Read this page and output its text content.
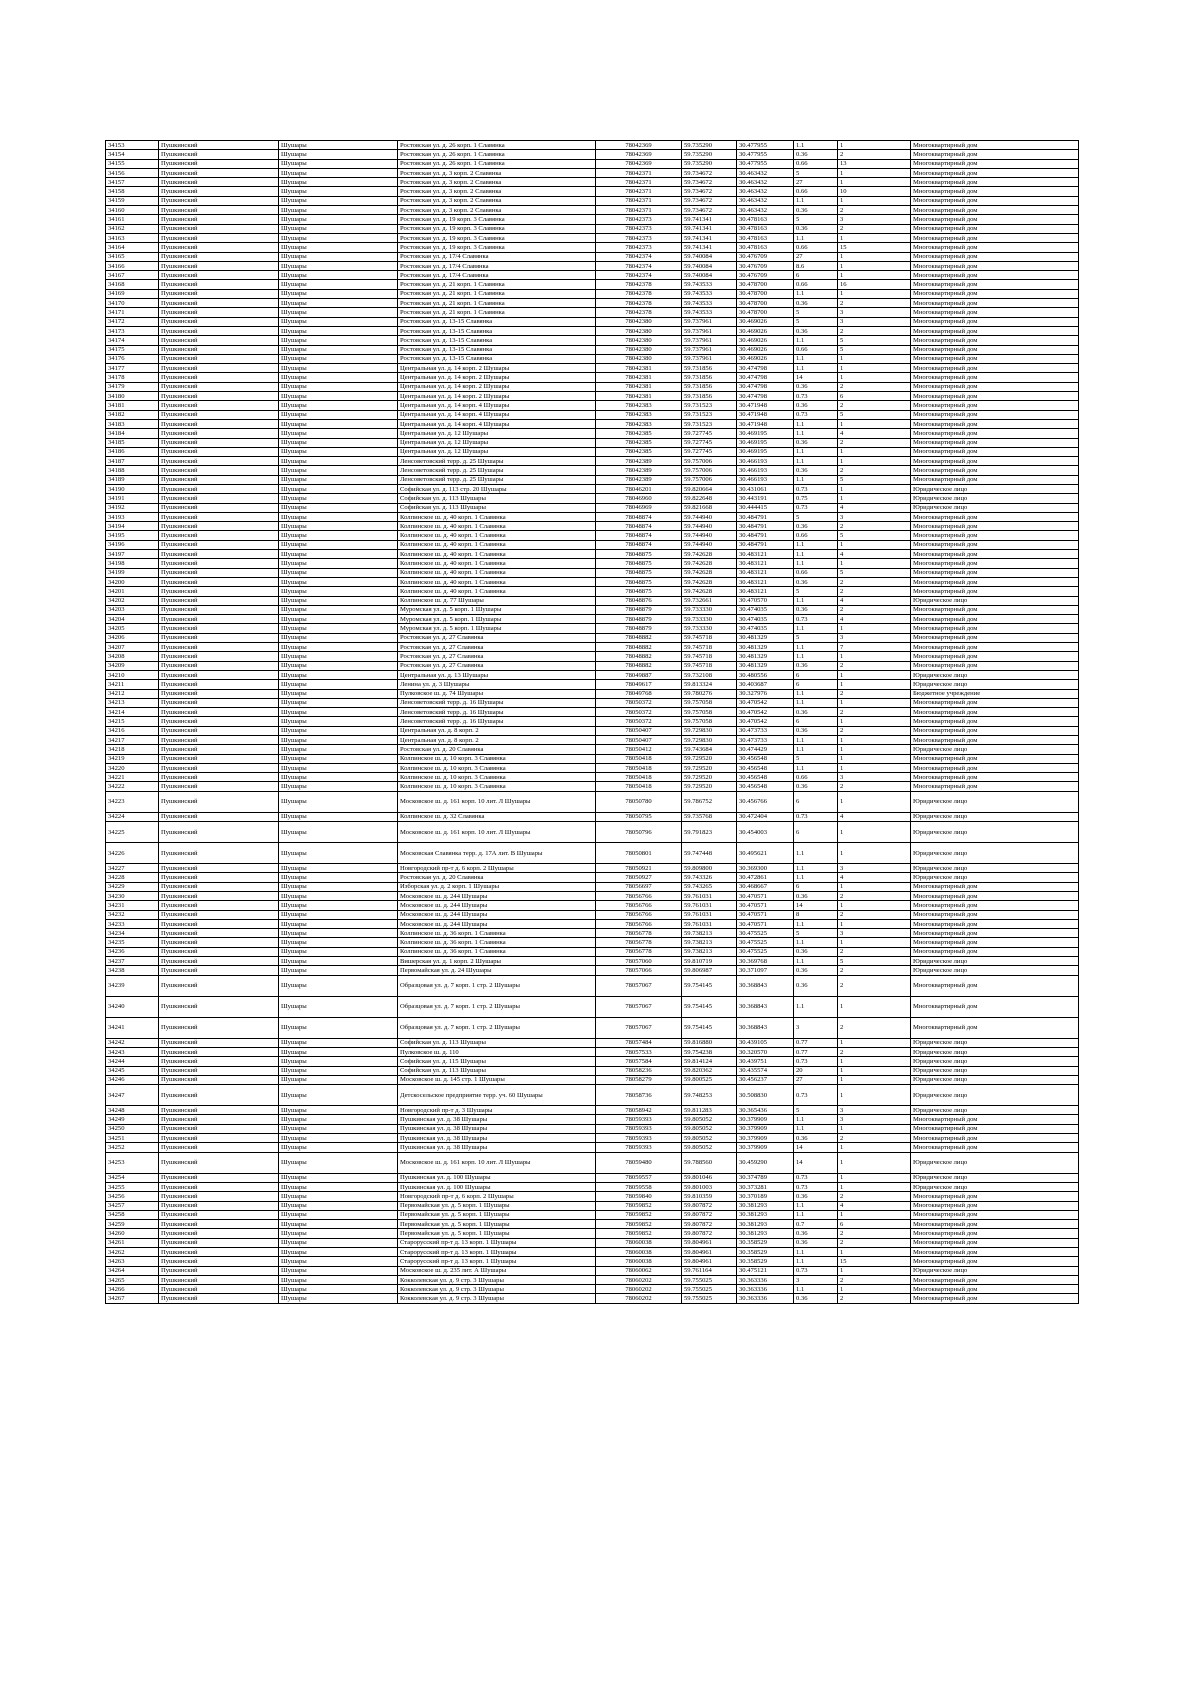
34153	Пушкинский	Шушары	Ростовская ул. д. 26 корп. 1 Славянка	78042369	59.735290	30.477955	1.1	1	Многоквартирный дом
34154	Пушкинский	Шушары	Ростовская ул. д. 26 корп. 1 Славянка	78042369	59.735290	30.477955	0.36	2	Многоквартирный дом
34155	Пушкинский	Шушары	Ростовская ул. д. 26 корп. 1 Славянка	78042369	59.735290	30.477955	0.66	13	Многоквартирный дом
34156	Пушкинский	Шушары	Ростовская ул. д. 3 корп. 2 Славянка	78042371	59.734672	30.463432	5	1	Многоквартирный дом
34157	Пушкинский	Шушары	Ростовская ул. д. 3 корп. 2 Славянка	78042371	59.734672	30.463432	27	1	Многоквартирный дом
34158	Пушкинский	Шушары	Ростовская ул. д. 3 корп. 2 Славянка	78042371	59.734672	30.463432	0.66	10	Многоквартирный дом
34159	Пушкинский	Шушары	Ростовская ул. д. 3 корп. 2 Славянка	78042371	59.734672	30.463432	1.1	1	Многоквартирный дом
34160	Пушкинский	Шушары	Ростовская ул. д. 3 корп. 2 Славянка	78042371	59.734672	30.463432	0.36	2	Многоквартирный дом
34161	Пушкинский	Шушары	Ростовская ул. д. 19 корп. 3 Славянка	78042373	59.741341	30.478163	5	3	Многоквартирный дом
34162	Пушкинский	Шушары	Ростовская ул. д. 19 корп. 3 Славянка	78042373	59.741341	30.478163	0.36	2	Многоквартирный дом
34163	Пушкинский	Шушары	Ростовская ул. д. 19 корп. 3 Славянка	78042373	59.741341	30.478163	1.1	1	Многоквартирный дом
34164	Пушкинский	Шушары	Ростовская ул. д. 19 корп. 3 Славянка	78042373	59.741341	30.478163	0.66	15	Многоквартирный дом
34165	Пушкинский	Шушары	Ростовская ул. д. 17/4 Славянка	78042374	59.740084	30.476709	27	1	Многоквартирный дом
34166	Пушкинский	Шушары	Ростовская ул. д. 17/4 Славянка	78042374	59.740084	30.476709	8.6	1	Многоквартирный дом
34167	Пушкинский	Шушары	Ростовская ул. д. 17/4 Славянка	78042374	59.740084	30.476709	6	1	Многоквартирный дом
34168	Пушкинский	Шушары	Ростовская ул. д. 21 корп. 1 Славянка	78042378	59.743533	30.478700	0.66	16	Многоквартирный дом
34169	Пушкинский	Шушары	Ростовская ул. д. 21 корп. 1 Славянка	78042378	59.743533	30.478700	1.1	1	Многоквартирный дом
34170	Пушкинский	Шушары	Ростовская ул. д. 21 корп. 1 Славянка	78042378	59.743533	30.478700	0.36	2	Многоквартирный дом
34171	Пушкинский	Шушары	Ростовская ул. д. 21 корп. 1 Славянка	78042378	59.743533	30.478700	5	3	Многоквартирный дом
34172	Пушкинский	Шушары	Ростовская ул. д. 13-15 Славянка	78042380	59.737961	30.469026	5	3	Многоквартирный дом
34173	Пушкинский	Шушары	Ростовская ул. д. 13-15 Славянка	78042380	59.737961	30.469026	0.36	2	Многоквартирный дом
34174	Пушкинский	Шушары	Ростовская ул. д. 13-15 Славянка	78042380	59.737961	30.469026	1.1	5	Многоквартирный дом
34175	Пушкинский	Шушары	Ростовская ул. д. 13-15 Славянка	78042380	59.737961	30.469026	0.66	5	Многоквартирный дом
34176	Пушкинский	Шушары	Ростовская ул. д. 13-15 Славянка	78042380	59.737961	30.469026	1.1	1	Многоквартирный дом
34177	Пушкинский	Шушары	Центральная ул. д. 14 корп. 2 Шушары	78042381	59.731856	30.474798	1.1	1	Многоквартирный дом
34178	Пушкинский	Шушары	Центральная ул. д. 14 корп. 2 Шушары	78042381	59.731856	30.474798	14	1	Многоквартирный дом
34179	Пушкинский	Шушары	Центральная ул. д. 14 корп. 2 Шушары	78042381	59.731856	30.474798	0.36	2	Многоквартирный дом
34180	Пушкинский	Шушары	Центральная ул. д. 14 корп. 2 Шушары	78042381	59.731856	30.474798	0.73	6	Многоквартирный дом
34181	Пушкинский	Шушары	Центральная ул. д. 14 корп. 4 Шушары	78042383	59.731523	30.471948	0.36	2	Многоквартирный дом
34182	Пушкинский	Шушары	Центральная ул. д. 14 корп. 4 Шушары	78042383	59.731523	30.471948	0.73	5	Многоквартирный дом
34183	Пушкинский	Шушары	Центральная ул. д. 14 корп. 4 Шушары	78042383	59.731523	30.471948	1.1	1	Многоквартирный дом
34184	Пушкинский	Шушары	Центральная ул. д. 12 Шушары	78042385	59.727745	30.469195	1.1	4	Многоквартирный дом
34185	Пушкинский	Шушары	Центральная ул. д. 12 Шушары	78042385	59.727745	30.469195	0.36	2	Многоквартирный дом
34186	Пушкинский	Шушары	Центральная ул. д. 12 Шушары	78042385	59.727745	30.469195	1.1	1	Многоквартирный дом
34187	Пушкинский	Шушары	Ленсоветовский терр. д. 25 Шушары	78042389	59.757006	30.466193	1.1	1	Многоквартирный дом
34188	Пушкинский	Шушары	Ленсоветовский терр. д. 25 Шушары	78042389	59.757006	30.466193	0.36	2	Многоквартирный дом
34189	Пушкинский	Шушары	Ленсоветовский терр. д. 25 Шушары	78042389	59.757006	30.466193	1.1	5	Многоквартирный дом
34190	Пушкинский	Шушары	Софийская ул. д. 113 стр. 20 Шушары	78046201	59.820664	30.431061	0.73	1	Юридическое лицо
34191	Пушкинский	Шушары	Софийская ул. д. 113 Шушары	78046960	59.822648	30.443191	0.75	1	Юридическое лицо
34192	Пушкинский	Шушары	Софийская ул. д. 113 Шушары	78046969	59.821668	30.444415	0.73	4	Юридическое лицо
34193	Пушкинский	Шушары	Колпинское ш. д. 40 корп. 1 Славянка	78048874	59.744940	30.484791	5	3	Многоквартирный дом
34194	Пушкинский	Шушары	Колпинское ш. д. 40 корп. 1 Славянка	78048874	59.744940	30.484791	0.36	2	Многоквартирный дом
34195	Пушкинский	Шушары	Колпинское ш. д. 40 корп. 1 Славянка	78048874	59.744940	30.484791	0.66	5	Многоквартирный дом
34196	Пушкинский	Шушары	Колпинское ш. д. 40 корп. 1 Славянка	78048874	59.744940	30.484791	1.1	1	Многоквартирный дом
34197	Пушкинский	Шушары	Колпинское ш. д. 40 корп. 1 Славянка	78048875	59.742628	30.483121	1.1	4	Многоквартирный дом
34198	Пушкинский	Шушары	Колпинское ш. д. 40 корп. 1 Славянка	78048875	59.742628	30.483121	1.1	1	Многоквартирный дом
34199	Пушкинский	Шушары	Колпинское ш. д. 40 корп. 1 Славянка	78048875	59.742628	30.483121	0.66	5	Многоквартирный дом
34200	Пушкинский	Шушары	Колпинское ш. д. 40 корп. 1 Славянка	78048875	59.742628	30.483121	0.36	2	Многоквартирный дом
34201	Пушкинский	Шушары	Колпинское ш. д. 40 корп. 1 Славянка	78048875	59.742628	30.483121	5	2	Многоквартирный дом
34202	Пушкинский	Шушары	Колпинское ш. д. 77 Шушары	78048876	59.732661	30.470570	1.1	4	Юридическое лицо
34203	Пушкинский	Шушары	Муромская ул. д. 5 корп. 1 Шушары	78048879	59.733330	30.474035	0.36	2	Многоквартирный дом
34204	Пушкинский	Шушары	Муромская ул. д. 5 корп. 1 Шушары	78048879	59.733330	30.474035	0.73	4	Многоквартирный дом
34205	Пушкинский	Шушары	Муромская ул. д. 5 корп. 1 Шушары	78048879	59.733330	30.474035	1.1	1	Многоквартирный дом
34206	Пушкинский	Шушары	Ростовская ул. д. 27 Славянка	78048882	59.745718	30.481329	5	3	Многоквартирный дом
34207	Пушкинский	Шушары	Ростовская ул. д. 27 Славянка	78048882	59.745718	30.481329	1.1	7	Многоквартирный дом
34208	Пушкинский	Шушары	Ростовская ул. д. 27 Славянка	78048882	59.745718	30.481329	1.1	1	Многоквартирный дом
34209	Пушкинский	Шушары	Ростовская ул. д. 27 Славянка	78048882	59.745718	30.481329	0.36	2	Многоквартирный дом
34210	Пушкинский	Шушары	Центральная ул. д. 13 Шушары	78049887	59.732108	30.480556	6	1	Юридическое лицо
34211	Пушкинский	Шушары	Ленина ул. д. 3 Шушары	78049617	59.813324	30.403687	6	1	Юридическое лицо
34212	Пушкинский	Шушары	Пулковское ш. д. 74 Шушары	78049768	59.780276	30.327976	1.1	2	Бюджетное учреждение
34213	Пушкинский	Шушары	Ленсоветовский терр. д. 16 Шушары	78050372	59.757058	30.470542	1.1	1	Многоквартирный дом
34214	Пушкинский	Шушары	Ленсоветовский терр. д. 16 Шушары	78050372	59.757058	30.470542	0.36	2	Многоквартирный дом
34215	Пушкинский	Шушары	Ленсоветовский терр. д. 16 Шушары	78050372	59.757058	30.470542	6	1	Многоквартирный дом
34216	Пушкинский	Шушары	Центральная ул. д. 8 корп. 2	78050407	59.729830	30.473733	0.36	2	Многоквартирный дом
34217	Пушкинский	Шушары	Центральная ул. д. 8 корп. 2	78050407	59.729830	30.473733	1.1	1	Многоквартирный дом
34218	Пушкинский	Шушары	Ростовская ул. д. 20 Славянка	78050412	59.743684	30.474429	1.1	1	Юридическое лицо
34219	Пушкинский	Шушары	Колпинское ш. д. 10 корп. 3 Славянка	78050418	59.729520	30.456548	5	1	Многоквартирный дом
34220	Пушкинский	Шушары	Колпинское ш. д. 10 корп. 3 Славянка	78050418	59.729520	30.456548	1.1	1	Многоквартирный дом
34221	Пушкинский	Шушары	Колпинское ш. д. 10 корп. 3 Славянка	78050418	59.729520	30.456548	0.66	3	Многоквартирный дом
34222	Пушкинский	Шушары	Колпинское ш. д. 10 корп. 3 Славянка	78050418	59.729520	30.456548	0.36	2	Многоквартирный дом
34223	Пушкинский	Шушары	Московское ш. д. 161 корп. 10 лит. Л Шушары	78050780	59.786752	30.456766	6	1	Юридическое лицо
34224	Пушкинский	Шушары	Колпинское ш. д. 32 Славянка	78050795	59.735768	30.472404	0.73	4	Юридическое лицо
34225	Пушкинский	Шушары	Московское ш. д. 161 корп. 10 лит. Л Шушары	78050796	59.791823	30.454003	6	1	Юридическое лицо
34226	Пушкинский	Шушары	Московская Славянка терр. д. 17А лит. В Шушары	78050801	59.747448	30.495621	1.1	1	Юридическое лицо
34227	Пушкинский	Шушары	Новгородский пр-т д. 6 корп. 2 Шушары	78050921	59.809800	30.369300	1.1	3	Юридическое лицо
34228	Пушкинский	Шушары	Ростовская ул. д. 20 Славянка	78050927	59.743326	30.472861	1.1	4	Юридическое лицо
34229	Пушкинский	Шушары	Изборская ул. д. 2 корп. 1 Шушары	78056697	59.743265	30.468667	6	1	Многоквартирный дом
34230	Пушкинский	Шушары	Московское ш. д. 244 Шушары	78056766	59.761031	30.470571	0.36	2	Многоквартирный дом
34231	Пушкинский	Шушары	Московское ш. д. 244 Шушары	78056766	59.761031	30.470571	14	1	Многоквартирный дом
34232	Пушкинский	Шушары	Московское ш. д. 244 Шушары	78056766	59.761031	30.470571	8	2	Многоквартирный дом
34233	Пушкинский	Шушары	Московское ш. д. 244 Шушары	78056766	59.761031	30.470571	1.1	1	Многоквартирный дом
34234	Пушкинский	Шушары	Колпинское ш. д. 36 корп. 1 Славянка	78056778	59.738213	30.475525	5	3	Многоквартирный дом
34235	Пушкинский	Шушары	Колпинское ш. д. 36 корп. 1 Славянка	78056778	59.738213	30.475525	1.1	1	Многоквартирный дом
34236	Пушкинский	Шушары	Колпинское ш. д. 36 корп. 1 Славянка	78056778	59.738213	30.475525	0.36	2	Многоквартирный дом
34237	Пушкинский	Шушары	Вишерская ул. д. 1 корп. 2 Шушары	78057060	59.810719	30.369768	1.1	5	Юридическое лицо
34238	Пушкинский	Шушары	Первомайская ул. д. 24 Шушары	78057066	59.806987	30.371097	0.36	2	Юридическое лицо
34239	Пушкинский	Шушары	Образцовая ул. д. 7 корп. 1 стр. 2 Шушары	78057067	59.754145	30.368843	0.36	2	Многоквартирный дом
34240	Пушкинский	Шушары	Образцовая ул. д. 7 корп. 1 стр. 2 Шушары	78057067	59.754145	30.368843	1.1	1	Многоквартирный дом
34241	Пушкинский	Шушары	Образцовая ул. д. 7 корп. 1 стр. 2 Шушары	78057067	59.754145	30.368843	3	2	Многоквартирный дом
34242	Пушкинский	Шушары	Софийская ул. д. 113 Шушары	78057484	59.816880	30.439105	0.77	1	Юридическое лицо
34243	Пушкинский	Шушары	Пулковское ш. д. 110	78057533	59.754238	30.320570	0.77	2	Юридическое лицо
34244	Пушкинский	Шушары	Софийская ул. д. 115 Шушары	78057584	59.814124	30.439751	0.73	1	Юридическое лицо
34245	Пушкинский	Шушары	Софийская ул. д. 113 Шушары	78058236	59.820362	30.435574	20	1	Юридическое лицо
34246	Пушкинский	Шушары	Московское ш. д. 145 стр. 1 Шушары	78058279	59.800525	30.456237	27	1	Юридическое лицо
34247	Пушкинский	Шушары	Детскосельское предприятие терр. уч. 60 Шушары	78058736	59.748253	30.508830	0.73	1	Юридическое лицо
34248	Пушкинский	Шушары	Новгородский пр-т д. 3 Шушары	78058942	59.811283	30.365436	5	3	Юридическое лицо
34249	Пушкинский	Шушары	Пушкинская ул. д. 38 Шушары	78059393	59.805052	30.379909	1.1	3	Многоквартирный дом
34250	Пушкинский	Шушары	Пушкинская ул. д. 38 Шушары	78059393	59.805052	30.379909	1.1	1	Многоквартирный дом
34251	Пушкинский	Шушары	Пушкинская ул. д. 38 Шушары	78059393	59.805052	30.379909	0.36	2	Многоквартирный дом
34252	Пушкинский	Шушары	Пушкинская ул. д. 38 Шушары	78059393	59.805052	30.379909	14	1	Многоквартирный дом
34253	Пушкинский	Шушары	Московское ш. д. 161 корп. 10 лит. Л Шушары	78059480	59.788560	30.459290	14	1	Юридическое лицо
34254	Пушкинский	Шушары	Пушкинская ул. д. 100 Шушары	78059557	59.801046	30.374789	0.73	1	Юридическое лицо
34255	Пушкинский	Шушары	Пушкинская ул. д. 100 Шушары	78059558	59.801003	30.373281	0.73	1	Юридическое лицо
34256	Пушкинский	Шушары	Новгородский пр-т д. 6 корп. 2 Шушары	78059840	59.810359	30.370189	0.36	2	Многоквартирный дом
34257	Пушкинский	Шушары	Первомайская ул. д. 5 корп. 1 Шушары	78059852	59.807872	30.381293	1.1	4	Многоквартирный дом
34258	Пушкинский	Шушары	Первомайская ул. д. 5 корп. 1 Шушары	78059852	59.807872	30.381293	1.1	1	Многоквартирный дом
34259	Пушкинский	Шушары	Первомайская ул. д. 5 корп. 1 Шушары	78059852	59.807872	30.381293	0.7	6	Многоквартирный дом
34260	Пушкинский	Шушары	Первомайская ул. д. 5 корп. 1 Шушары	78059852	59.807872	30.381293	0.36	2	Многоквартирный дом
34261	Пушкинский	Шушары	Старорусский пр-т д. 13 корп. 1 Шушары	78060038	59.804961	30.358529	0.36	2	Многоквартирный дом
34262	Пушкинский	Шушары	Старорусский пр-т д. 13 корп. 1 Шушары	78060038	59.804961	30.358529	1.1	1	Многоквартирный дом
34263	Пушкинский	Шушары	Старорусский пр-т д. 13 корп. 1 Шушары	78060038	59.804961	30.358529	1.1	15	Многоквартирный дом
34264	Пушкинский	Шушары	Московское ш. д. 235 лит. А Шушары	78060062	59.761164	30.475121	0.73	1	Юридическое лицо
34265	Пушкинский	Шушары	Кокколевская ул. д. 9 стр. 3 Шушары	78060202	59.755025	30.363336	3	2	Многоквартирный дом
34266	Пушкинский	Шушары	Кокколевская ул. д. 9 стр. 3 Шушары	78060202	59.755025	30.363336	1.1	1	Многоквартирный дом
34267	Пушкинский	Шушары	Кокколевская ул. д. 9 стр. 3 Шушары	78060202	59.755025	30.363336	0.36	2	Многоквартирный дом
